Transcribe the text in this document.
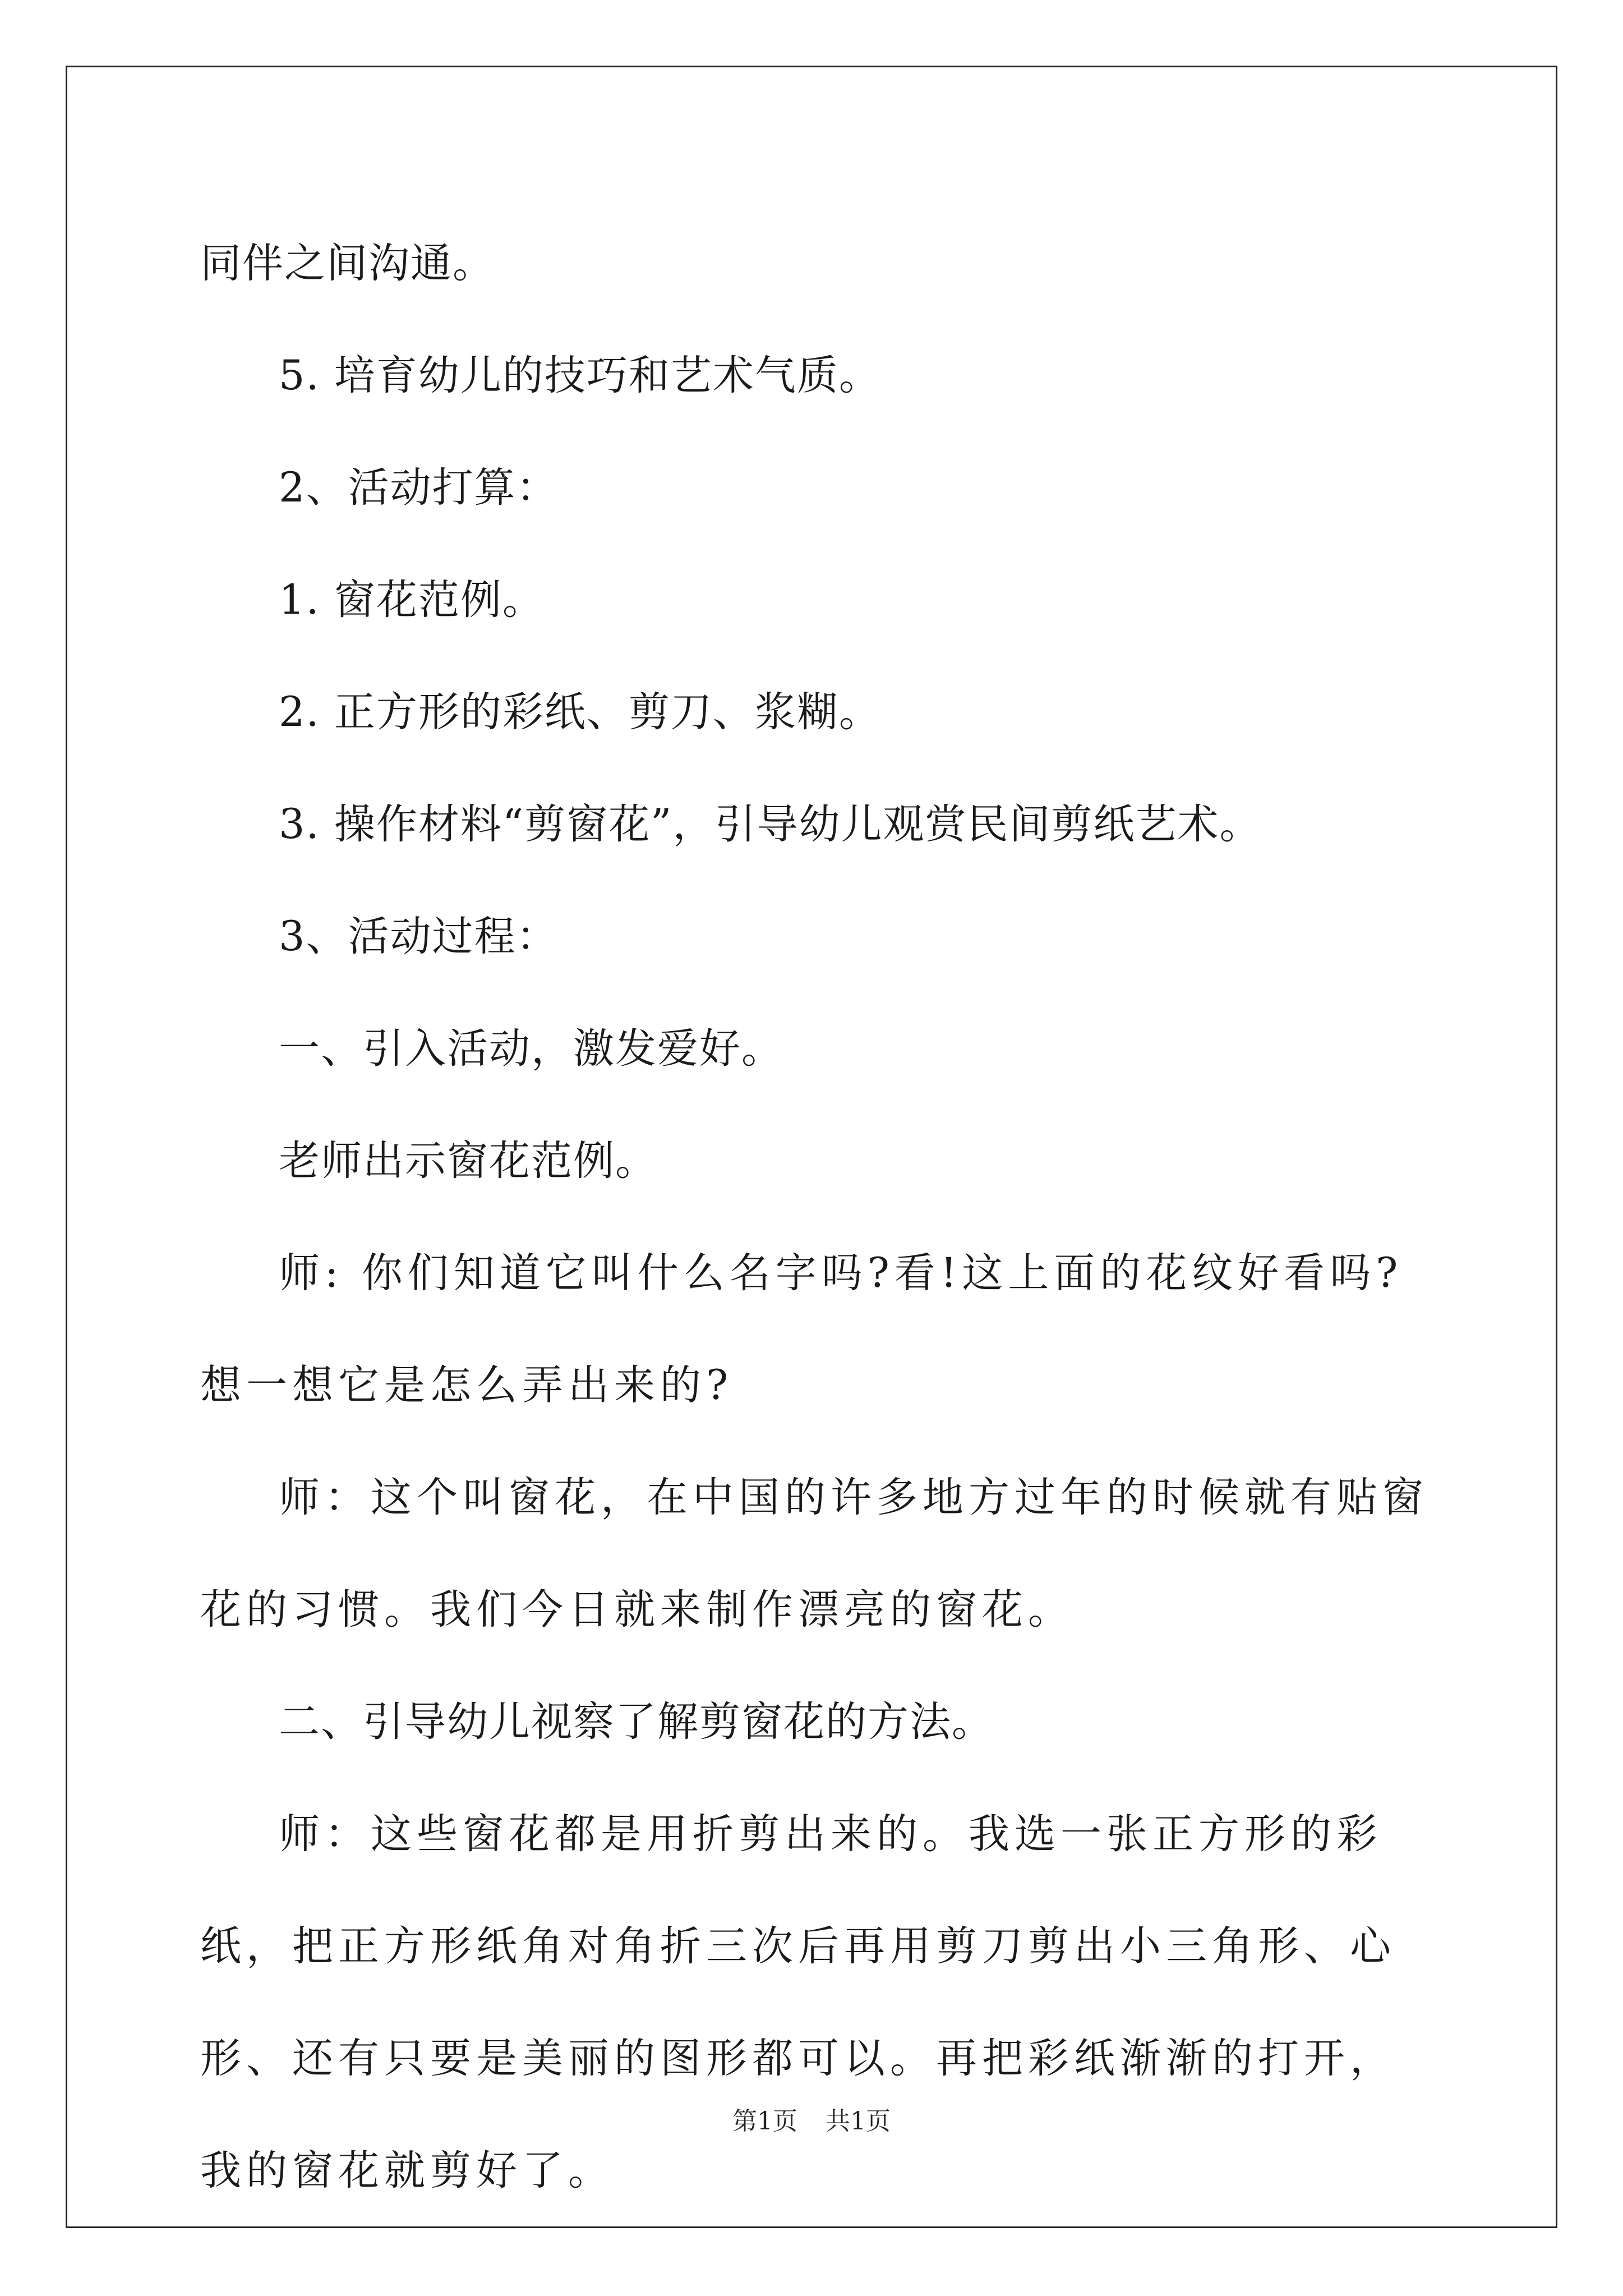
同伴之间沟通。

5. 培育幼儿的技巧和艺术气质。

2、活动打算：

1. 窗花范例。

2. 正方形的彩纸、剪刀、浆糊。

3. 操作材料“剪窗花”，引导幼儿观赏民间剪纸艺术。

3、活动过程：

一、引入活动，激发爱好。

老师出示窗花范例。

师: 你们知道它叫什么名字吗?看!这上面的花纹好看吗?想一想它是怎么弄出来的?

师：这个叫窗花，在中国的许多地方过年的时候就有贴窗花的习惯。我们今日就来制作漂亮的窗花。

二、引导幼儿视察了解剪窗花的方法。

师：这些窗花都是用折剪出来的。我选一张正方形的彩纸，把正方形纸角对角折三次后再用剪刀剪出小三角形、心形、还有只要是美丽的图形都可以。再把彩纸渐渐的打开，我的窗花就剪好了。

第1页 共1页
